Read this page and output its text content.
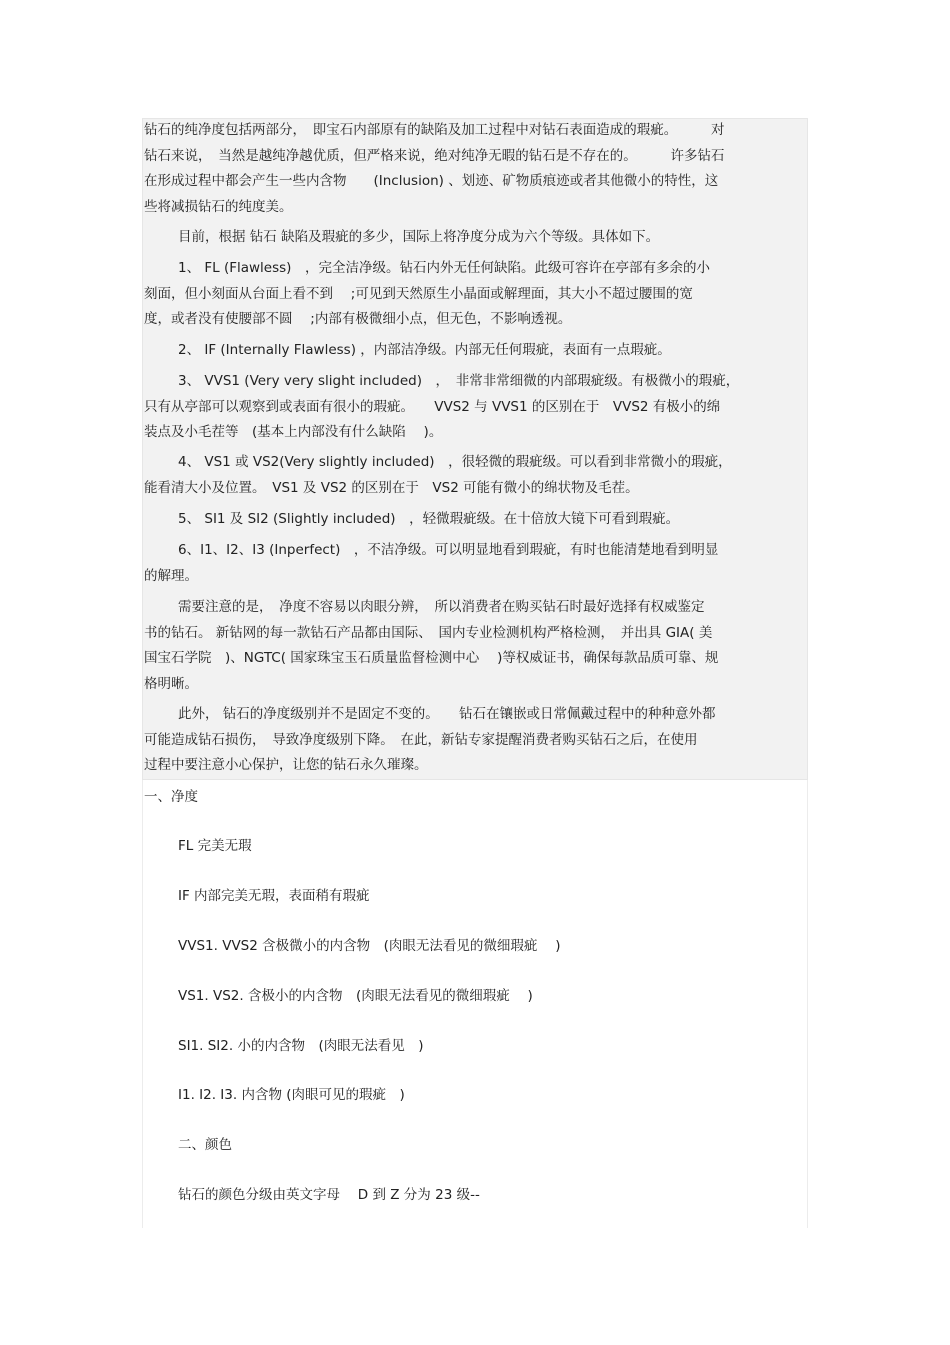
钻石的纯净度包括两部分，　即宝石内部原有的缺陷及加工过程中对钻石表面造成的瑕疵。　　　对
钻石来说，　当然是越纯净越优质，但严格来说，绝对纯净无暇的钻石是不存在的。　　　许多钻石
在形成过程中都会产生一些内含物　　(Inclusion) 、划迹、矿物质痕迹或者其他微小的特性，这
些将减损钻石的纯度美。

目前，根据 钻石 缺陷及瑕疵的多少，国际上将净度分成为六个等级。具体如下。

1、 FL (Flawless)　，完全洁净级。钻石内外无任何缺陷。此级可容许在亭部有多余的小
刻面，但小刻面从台面上看不到　 ;可见到天然原生小晶面或解理面，其大小不超过腰围的宽
度，或者没有使腰部不圆　 ;内部有极微细小点，但无色，不影响透视。

2、 IF (Internally Flawless) ，内部洁净级。内部无任何瑕疵，表面有一点瑕疵。

3、 VVS1 (Very very slight included)　，　非常非常细微的内部瑕疵级。有极微小的瑕疵，
只有从亭部可以观察到或表面有很小的瑕疵。　　VVS2 与 VVS1 的区别在于　VVS2 有极小的绵
装点及小毛茬等　(基本上内部没有什么缺陷　 )。

4、 VS1 或 VS2(Very slightly included)　，很轻微的瑕疵级。可以看到非常微小的瑕疵，
能看清大小及位置。　VS1 及 VS2 的区别在于　VS2 可能有微小的绵状物及毛茬。

5、 SI1 及 SI2 (Slightly included)　，轻微瑕疵级。在十倍放大镜下可看到瑕疵。

6、I1、I2、I3 (Inperfect)　，不洁净级。可以明显地看到瑕疵，有时也能清楚地看到明显
的解理。

需要注意的是，　净度不容易以肉眼分辨，　所以消费者在购买钻石时最好选择有权威鉴定
书的钻石。 新钻网的每一款钻石产品都由国际、　国内专业检测机构严格检测，　并出具 GIA( 美
国宝石学院　)、NGTC( 国家珠宝玉石质量监督检测中心　 )等权威证书，确保每款品质可靠、规
格明晰。

此外， 钻石的净度级别并不是固定不变的。　　钻石在镶嵌或日常佩戴过程中的种种意外都
可能造成钻石损伤，　导致净度级别下降。　在此，新钻专家提醒消费者购买钻石之后，在使用
过程中要注意小心保护，让您的钻石永久璀璨。

一、净度

FL 完美无瑕

IF 内部完美无瑕，表面稍有瑕疵

VVS1. VVS2 含极微小的内含物　(肉眼无法看见的微细瑕疵　 )

VS1. VS2. 含极小的内含物　(肉眼无法看见的微细瑕疵　 )

SI1. SI2. 小的内含物　(肉眼无法看见　)

I1. I2. I3. 内含物 (肉眼可见的瑕疵　)

二、颜色

钻石的颜色分级由英文字母　 D 到 Z 分为 23 级--
